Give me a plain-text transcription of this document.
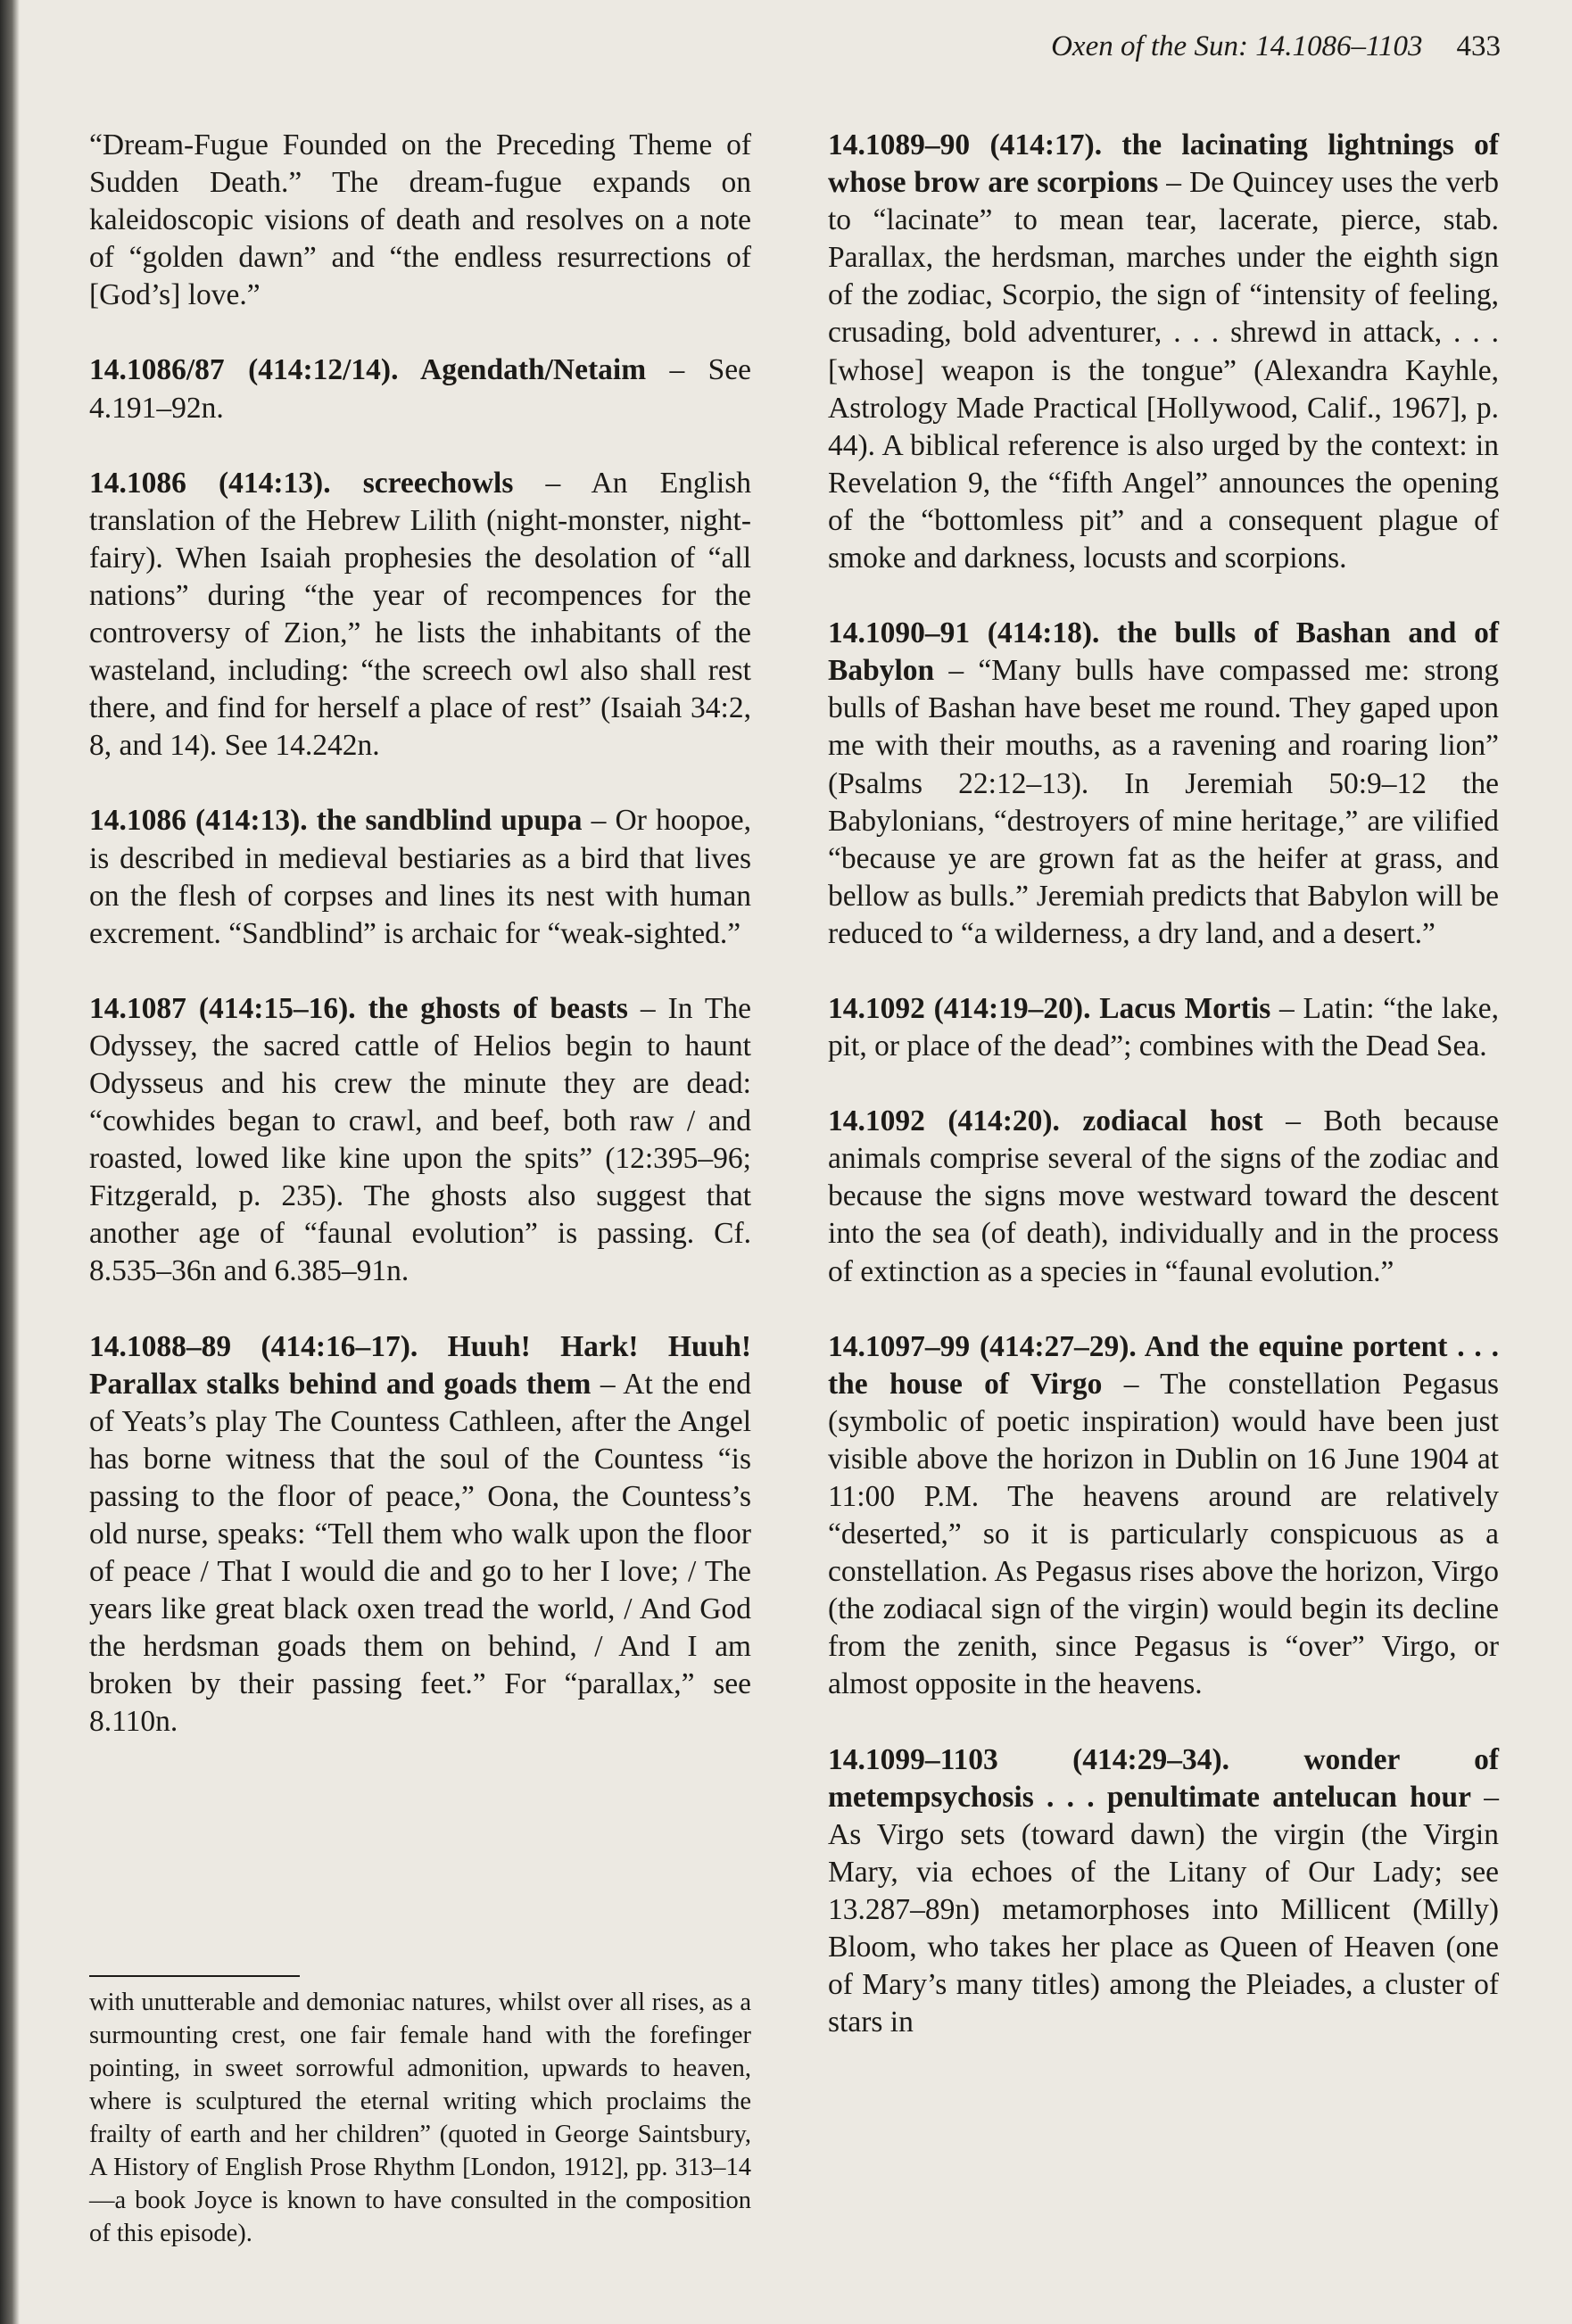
Oxen of the Sun: 14.1086–1103 433

“Dream-Fugue Founded on the Preceding Theme of Sudden Death.” The dream-fugue expands on kaleidoscopic visions of death and resolves on a note of “golden dawn” and “the endless resurrections of [God’s] love.”

14.1086/87 (414:12/14). Agendath/Netaim – See 4.191–92n.

14.1086 (414:13). screechowls – An English translation of the Hebrew Lilith (night-monster, night-fairy). When Isaiah prophesies the desolation of “all nations” during “the year of recompences for the controversy of Zion,” he lists the inhabitants of the wasteland, including: “the screech owl also shall rest there, and find for herself a place of rest” (Isaiah 34:2, 8, and 14). See 14.242n.

14.1086 (414:13). the sandblind upupa – Or hoopoe, is described in medieval bestiaries as a bird that lives on the flesh of corpses and lines its nest with human excrement. “Sandblind” is archaic for “weak-sighted.”

14.1087 (414:15–16). the ghosts of beasts – In The Odyssey, the sacred cattle of Helios begin to haunt Odysseus and his crew the minute they are dead: “cowhides began to crawl, and beef, both raw / and roasted, lowed like kine upon the spits” (12:395–96; Fitzgerald, p. 235). The ghosts also suggest that another age of “faunal evolution” is passing. Cf. 8.535–36n and 6.385–91n.

14.1088–89 (414:16–17). Huuh! Hark! Huuh! Parallax stalks behind and goads them – At the end of Yeats’s play The Countess Cathleen, after the Angel has borne witness that the soul of the Countess “is passing to the floor of peace,” Oona, the Countess’s old nurse, speaks: “Tell them who walk upon the floor of peace / That I would die and go to her I love; / The years like great black oxen tread the world, / And God the herdsman goads them on behind, / And I am broken by their passing feet.” For “parallax,” see 8.110n.

with unutterable and demoniac natures, whilst over all rises, as a surmounting crest, one fair female hand with the forefinger pointing, in sweet sorrowful admonition, upwards to heaven, where is sculptured the eternal writing which proclaims the frailty of earth and her children” (quoted in George Saintsbury, A History of English Prose Rhythm [London, 1912], pp. 313–14—a book Joyce is known to have consulted in the composition of this episode).

14.1089–90 (414:17). the lacinating lightnings of whose brow are scorpions – De Quincey uses the verb to “lacinate” to mean tear, lacerate, pierce, stab. Parallax, the herdsman, marches under the eighth sign of the zodiac, Scorpio, the sign of “intensity of feeling, crusading, bold adventurer, . . . shrewd in attack, . . . [whose] weapon is the tongue” (Alexandra Kayhle, Astrology Made Practical [Hollywood, Calif., 1967], p. 44). A biblical reference is also urged by the context: in Revelation 9, the “fifth Angel” announces the opening of the “bottomless pit” and a consequent plague of smoke and darkness, locusts and scorpions.

14.1090–91 (414:18). the bulls of Bashan and of Babylon – “Many bulls have compassed me: strong bulls of Bashan have beset me round. They gaped upon me with their mouths, as a ravening and roaring lion” (Psalms 22:12–13). In Jeremiah 50:9–12 the Babylonians, “destroyers of mine heritage,” are vilified “because ye are grown fat as the heifer at grass, and bellow as bulls.” Jeremiah predicts that Babylon will be reduced to “a wilderness, a dry land, and a desert.”

14.1092 (414:19–20). Lacus Mortis – Latin: “the lake, pit, or place of the dead”; combines with the Dead Sea.

14.1092 (414:20). zodiacal host – Both because animals comprise several of the signs of the zodiac and because the signs move westward toward the descent into the sea (of death), individually and in the process of extinction as a species in “faunal evolution.”

14.1097–99 (414:27–29). And the equine portent . . . the house of Virgo – The constellation Pegasus (symbolic of poetic inspiration) would have been just visible above the horizon in Dublin on 16 June 1904 at 11:00 P.M. The heavens around are relatively “deserted,” so it is particularly conspicuous as a constellation. As Pegasus rises above the horizon, Virgo (the zodiacal sign of the virgin) would begin its decline from the zenith, since Pegasus is “over” Virgo, or almost opposite in the heavens.

14.1099–1103 (414:29–34). wonder of metempsychosis . . . penultimate antelucan hour – As Virgo sets (toward dawn) the virgin (the Virgin Mary, via echoes of the Litany of Our Lady; see 13.287–89n) metamorphoses into Millicent (Milly) Bloom, who takes her place as Queen of Heaven (one of Mary’s many titles) among the Pleiades, a cluster of stars in
